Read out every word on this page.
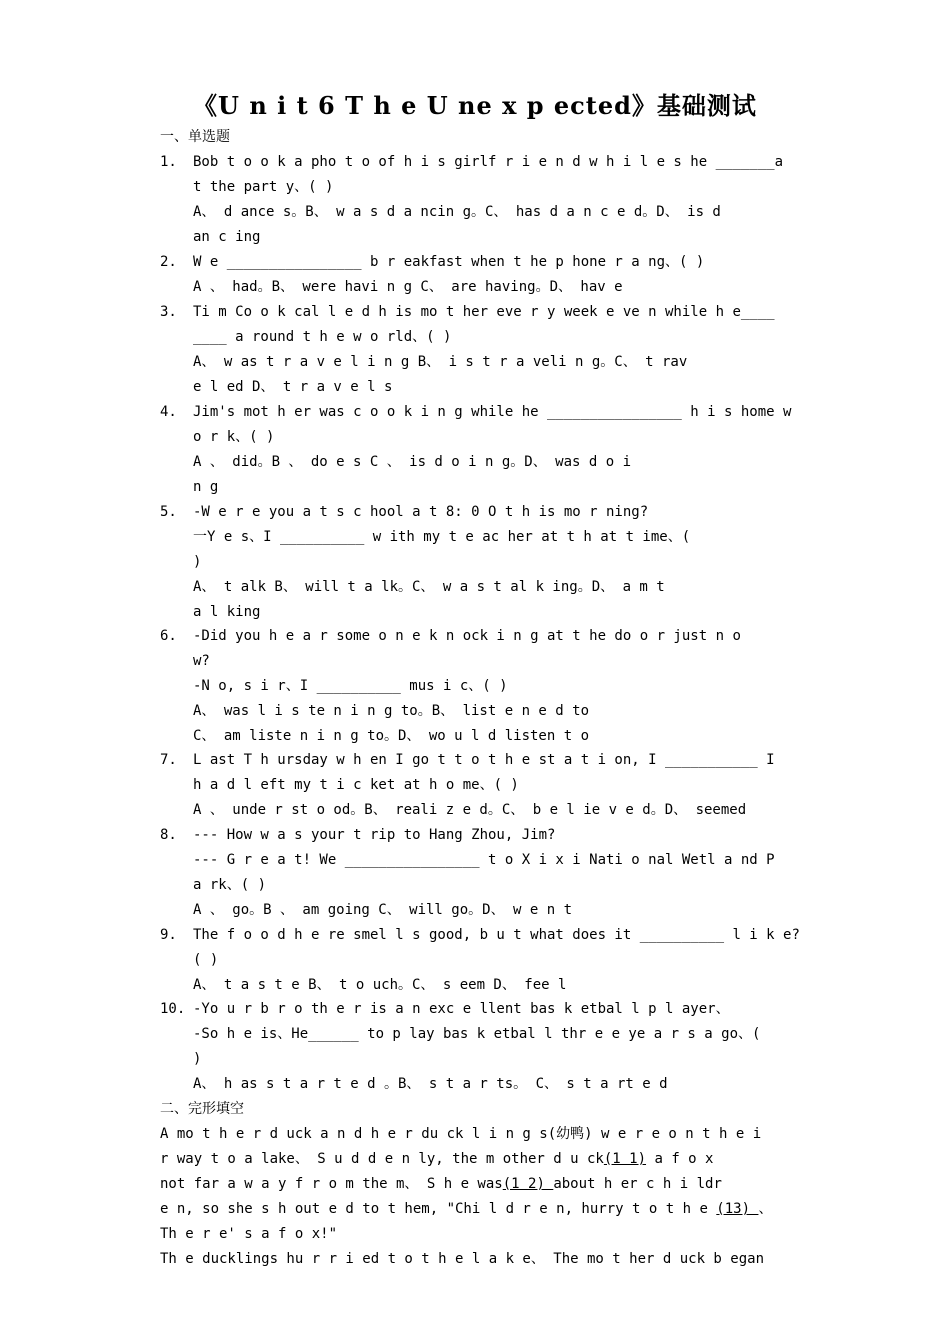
《U n i t 6 T h e U ne x p ected》基础测试
一、单选题
1. Bob t o o k a pho t o of h i s girlf r i e n d w h i l e s he _______a
t the part y、( )
A、 d ance s。B、 w a s d a ncin g。C、 has d a n c e d。D、 is d
an c ing
2. W e ________________ b r eakfast when t he p hone r a ng、( )
A 、 had。B、 were havi n g C、 are having。D、 hav e
3. Ti m Co o k cal l e d h is mo t her eve r y week e ve n while h e____
____ a round t h e w o rld、( )
A、 w as t r a v e l i n g B、 i s t r a veli n g。C、 t rav
e l ed D、 t r a v e l s
4. Jim's mot h er was c o o k i n g while he ________________ h i s home w
o r k、( )
A 、 did。B 、 do e s C 、 is d o i n g。D、 was d o i
n g
5. -W e r e you a t s c hool a t 8: 0 O t h is mo r ning?
一Y e s、I __________ w ith my t e ac her at t h at t ime、(
)
A、 t alk B、 will t a lk。C、 w a s t al k ing。D、 a m t
a l king
6. -Did you h e a r some o n e k n ock i n g at t he do o r just n o
w?
-N o, s i r、I __________ mus i c、( )
A、 was l i s te n i n g to。B、 list e n e d to
C、 am liste n i n g to。D、 wo u l d listen t o
7. L ast T h ursday w h en I go t t o t h e st a t i on, I ___________ I
h a d l eft my t i c ket at h o me、( )
A 、 unde r st o od。B、 reali z e d。C、 b e l ie v e d。D、 seemed
8. --- How w a s your t rip to Hang Zhou, Jim?
--- G r e a t! We ________________ t o X i x i Nati o nal Wetl a nd P
a rk、( )
A 、 go。B 、 am going C、 will go。D、 w e n t
9. The f o o d h e re smel l s good, b u t what does it __________ l i k e?
( )
A、 t a s t e B、 t o uch。C、 s eem D、 fee l
10. -Yo u r b r o th e r is a n exc e llent bas k etbal l p l ayer、
-So h e is、He______ to p lay bas k etbal l thr e e ye a r s a go、(
)
A、 h as s t a r t e d 。B、 s t a r ts。 C、 s t a rt e d
二、完形填空
A mo t h e r d uck a n d h e r du ck l i n g s(幼鸭) w e r e o n t h e i
r way t o a lake、 S u d d e n ly, the m other d u ck(1 1) a f o x
not far a w a y f r o m the m、 S h e was(1 2) about h er c h i ldr
e n, so she s h out e d to t hem, "Chi l d r e n, hurry t o t h e (13) 、
Th e r e' s a f o x!"
Th e ducklings hu r r i ed t o t h e l a k e、 The mo t her d uck b egan
